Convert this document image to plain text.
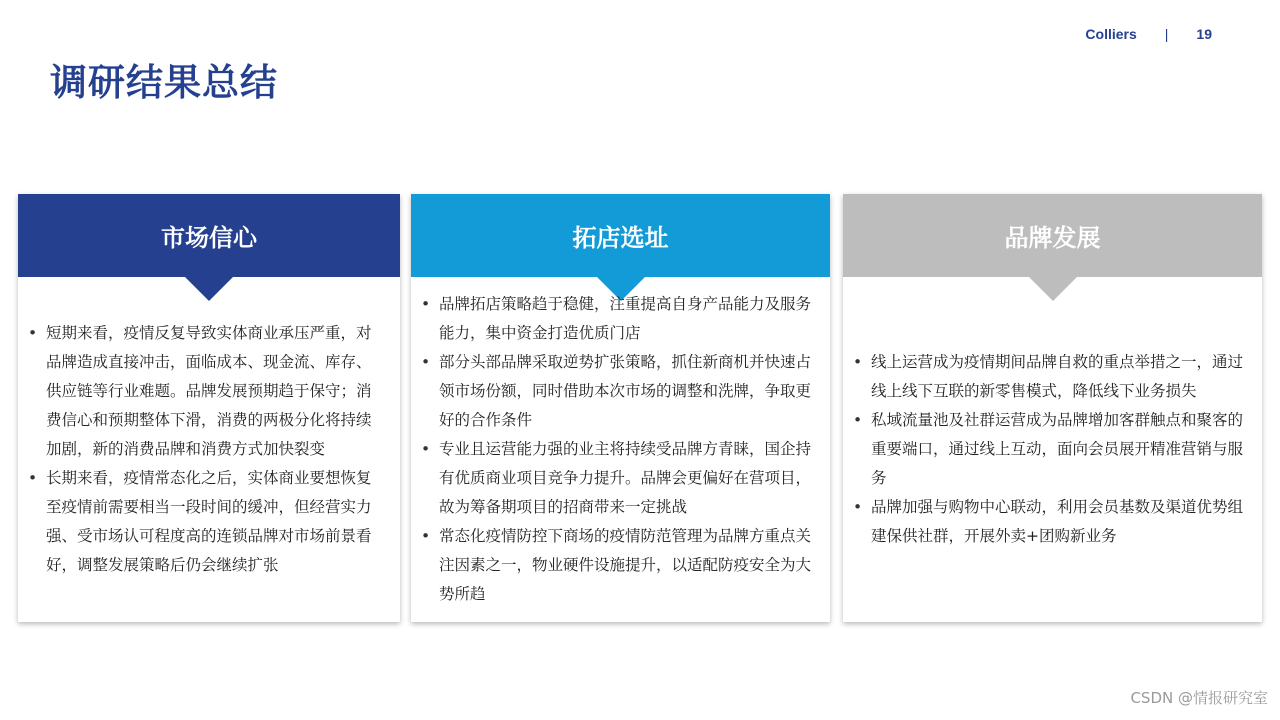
Colliers | 19
调研结果总结
市场信心
• 短期来看，疫情反复导致实体商业承压严重，对品牌造成直接冲击，面临成本、现金流、库存、供应链等行业难题。品牌发展预期趋于保守；消费信心和预期整体下滑，消费的两极分化将持续加剧，新的消费品牌和消费方式加快裂变
• 长期来看，疫情常态化之后，实体商业要想恢复至疫情前需要相当一段时间的缓冲，但经营实力强、受市场认可程度高的连锁品牌对市场前景看好，调整发展策略后仍会继续扩张
拓店选址
• 品牌拓店策略趋于稳健，注重提高自身产品能力及服务能力，集中资金打造优质门店
• 部分头部品牌采取逆势扩张策略，抓住新商机并快速占领市场份额，同时借助本次市场的调整和洗牌，争取更好的合作条件
• 专业且运营能力强的业主将持续受品牌方青睐，国企持有优质商业项目竞争力提升。品牌会更偏好在营项目，故为筹备期项目的招商带来一定挑战
• 常态化疫情防控下商场的疫情防范管理为品牌方重点关注因素之一，物业硬件设施提升，以适配防疫安全为大势所趋
品牌发展
• 线上运营成为疫情期间品牌自救的重点举措之一，通过线上线下互联的新零售模式，降低线下业务损失
• 私域流量池及社群运营成为品牌增加客群触点和聚客的重要端口，通过线上互动，面向会员展开精准营销与服务
• 品牌加强与购物中心联动，利用会员基数及渠道优势组建保供社群，开展外卖+团购新业务
CSDN @情报研究室
